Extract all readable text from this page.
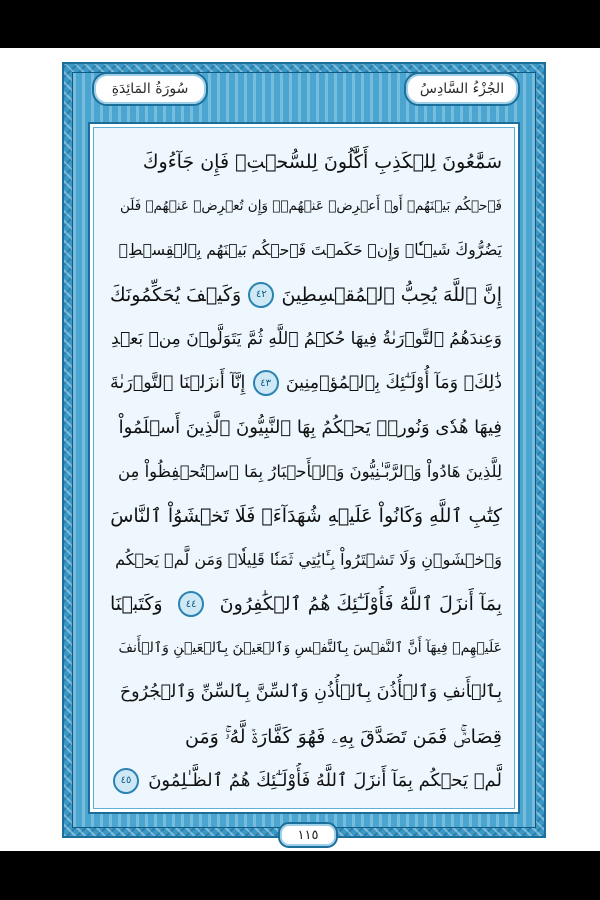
سُورَةُ المَائِدَةِ	الجُزْءُ السَّادِسُ
سَمَّٰعُونَ لِلۡكَذِبِ أَكَّٰلُونَ لِلسُّحۡتِۚ فَإِن جَآءُوكَ
فَٱحۡكُم بَيۡنَهُمۡ أَوۡ أَعۡرِضۡ عَنۡهُمۡۖ وَإِن تُعۡرِضۡ عَنۡهُمۡ فَلَن
يَضُرُّوكَ شَيۡـٔٗاۖ وَإِنۡ حَكَمۡتَ فَٱحۡكُم بَيۡنَهُم بِٱلۡقِسۡطِۚ
إِنَّ ٱللَّهَ يُحِبُّ ٱلۡمُقۡسِطِينَ
٤٢
وَكَيۡفَ يُحَكِّمُونَكَ
وَعِندَهُمُ ٱلتَّوۡرَىٰةُ فِيهَا حُكۡمُ ٱللَّهِ ثُمَّ يَتَوَلَّوۡنَ مِنۢ بَعۡدِ
ذَٰلِكَۚ وَمَآ أُوْلَـٰٓئِكَ بِٱلۡمُؤۡمِنِينَ
٤٣
إِنَّآ أَنزَلۡنَا ٱلتَّوۡرَىٰةَ
فِيهَا هُدٗى وَنُورٞۚ يَحۡكُمُ بِهَا ٱلنَّبِيُّونَ ٱلَّذِينَ أَسۡلَمُواْ
لِلَّذِينَ هَادُواْ وَٱلرَّبَّـٰنِيُّونَ وَٱلۡأَحۡبَارُ بِمَا ٱسۡتُحۡفِظُواْ مِن
كِتَٰبِ ٱللَّهِ وَكَانُواْ عَلَيۡهِ شُهَدَآءَۚ فَلَا تَخۡشَوُاْ ٱلنَّاسَ
وَٱخۡشَوۡنِ وَلَا تَشۡتَرُواْ بِـَٔايَٰتِي ثَمَنٗا قَلِيلٗاۚ وَمَن لَّمۡ يَحۡكُم
بِمَآ أَنزَلَ ٱللَّهُ فَأُوْلَـٰٓئِكَ هُمُ ٱلۡكَٰفِرُونَ
٤٤
وَكَتَبۡنَا
عَلَيۡهِمۡ فِيهَآ أَنَّ ٱلنَّفۡسَ بِٱلنَّفۡسِ وَٱلۡعَيۡنَ بِٱلۡعَيۡنِ وَٱلۡأَنفَ
بِٱلۡأَنفِ وَٱلۡأُذُنَ بِٱلۡأُذُنِ وَٱلسِّنَّ بِٱلسِّنِّ وَٱلۡجُرُوحَ
قِصَاصٞۚ فَمَن تَصَدَّقَ بِهِۦ فَهُوَ كَفَّارَةٞ لَّهُۥۚ وَمَن
لَّمۡ يَحۡكُم بِمَآ أَنزَلَ ٱللَّهُ فَأُوْلَـٰٓئِكَ هُمُ ٱلظَّـٰلِمُونَ
٤٥
١١٥
